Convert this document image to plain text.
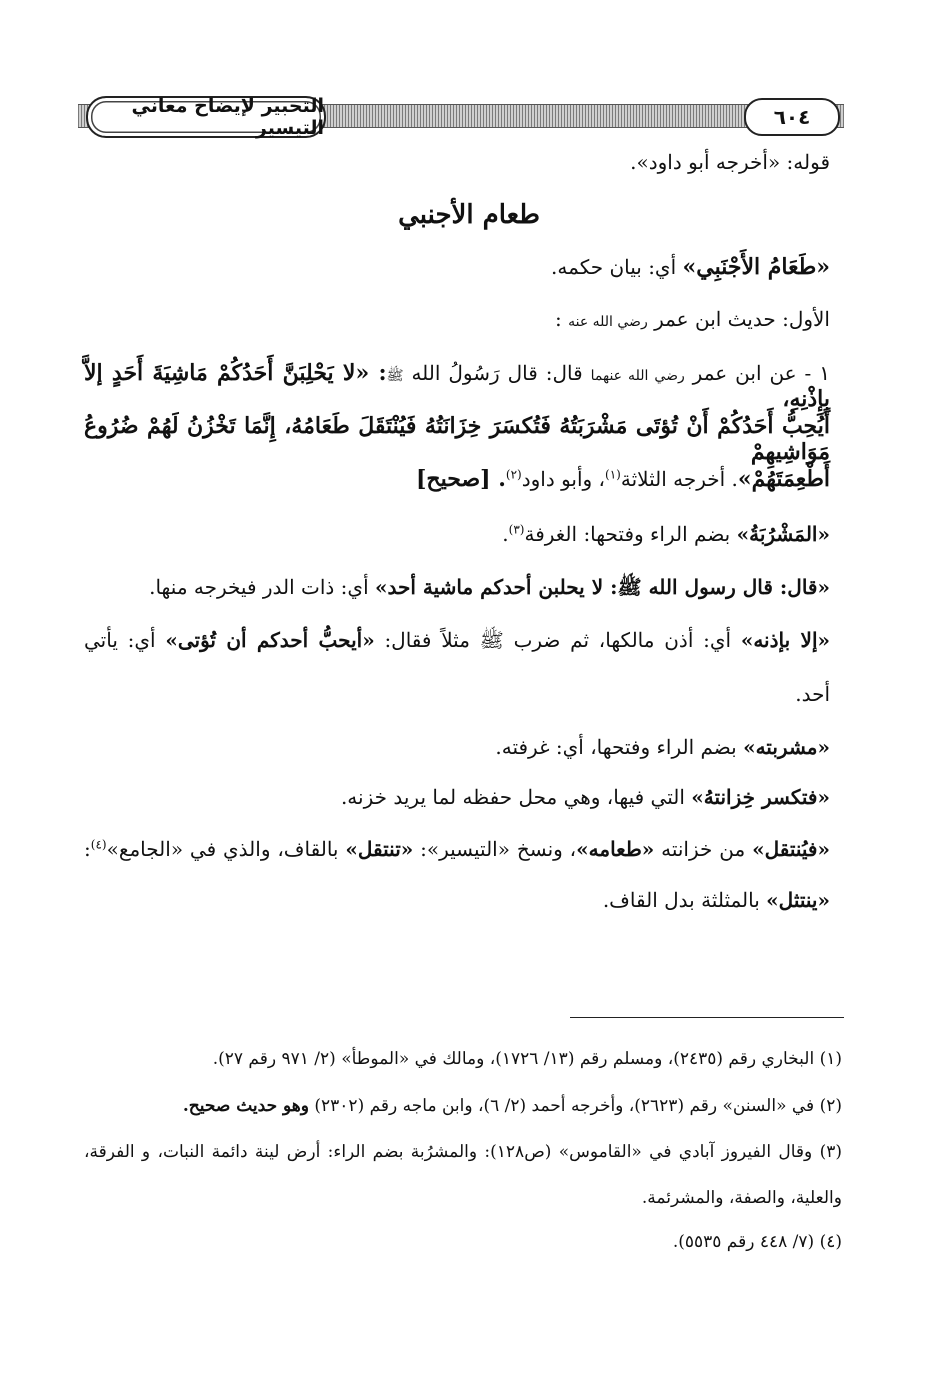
التحبير لإيضاح معاني التيسير	٦٠٤
قوله: «أخرجه أبو داود».
طعام الأجنبي
«طَعَامُ الأَجْنَبِي» أي: بيان حكمه.
الأول: حديث ابن عمر رضي الله عنه :
١ - عن ابن عمر رضي الله عنهما قال: قال رَسُولُ الله ﷺ: «لا يَحْلِبَنَّ أَحَدُكُمْ مَاشِيَةَ أَحَدٍ إلاَّ بِإِذْنِهِ،
أَيُحِبُّ أَحَدُكُمْ أَنْ تُؤتَى مَشْرَبَتُهُ فَتُكسَرَ خِزَانَتُهُ فَيُنْتَقَلَ طَعَامُهُ، إِنَّمَا تَخْزُنُ لَهُمْ ضُرُوعُ مَوَاشِيهِمْ
أَطْعِمَتَهُمْ». أخرجه الثلاثة$^{(١)}$، وأبو داود$^{(٢)}$. [صحيح]
«المَشْرُبَةُ» بضم الراء وفتحها: الغرفة$^{(٣)}$.
«قال: قال رسول الله ﷺ: لا يحلبن أحدكم ماشية أحد» أي: ذات الدر فيخرجه منها.
«إلا بإذنه» أي: أذن مالكها، ثم ضرب ﷺ مثلاً فقال: «أيحبُّ أحدكم أن تُؤتى» أي: يأتي
أحد.
«مشربته» بضم الراء وفتحها، أي: غرفته.
«فتكسر خِزانتهُ» التي فيها، وهي محل حفظه لما يريد خزنه.
«فيُنتقل» من خزانته «طعامه»، ونسخ «التيسير»: «تنتقل» بالقاف، والذي في «الجامع»$^{(٤)}$:
«ينتثل» بالمثلثة بدل القاف.
(١) البخاري رقم (٢٤٣٥)، ومسلم رقم (١٣/ ١٧٢٦)، ومالك في «الموطأ» (٢/ ٩٧١ رقم ٢٧).
(٢) في «السنن» رقم (٢٦٢٣)، وأخرجه أحمد (٢/ ٦)، وابن ماجه رقم (٢٣٠٢) وهو حديث صحيح.
(٣) وقال الفيروز آبادي في «القاموس» (ص١٢٨): والمشرُبة بضم الراء: أرض لينة دائمة النبات، و الفرقة،
والعلية، والصفة، والمشرئمة.
(٤) (٧/ ٤٤٨ رقم ٥٥٣٥).
